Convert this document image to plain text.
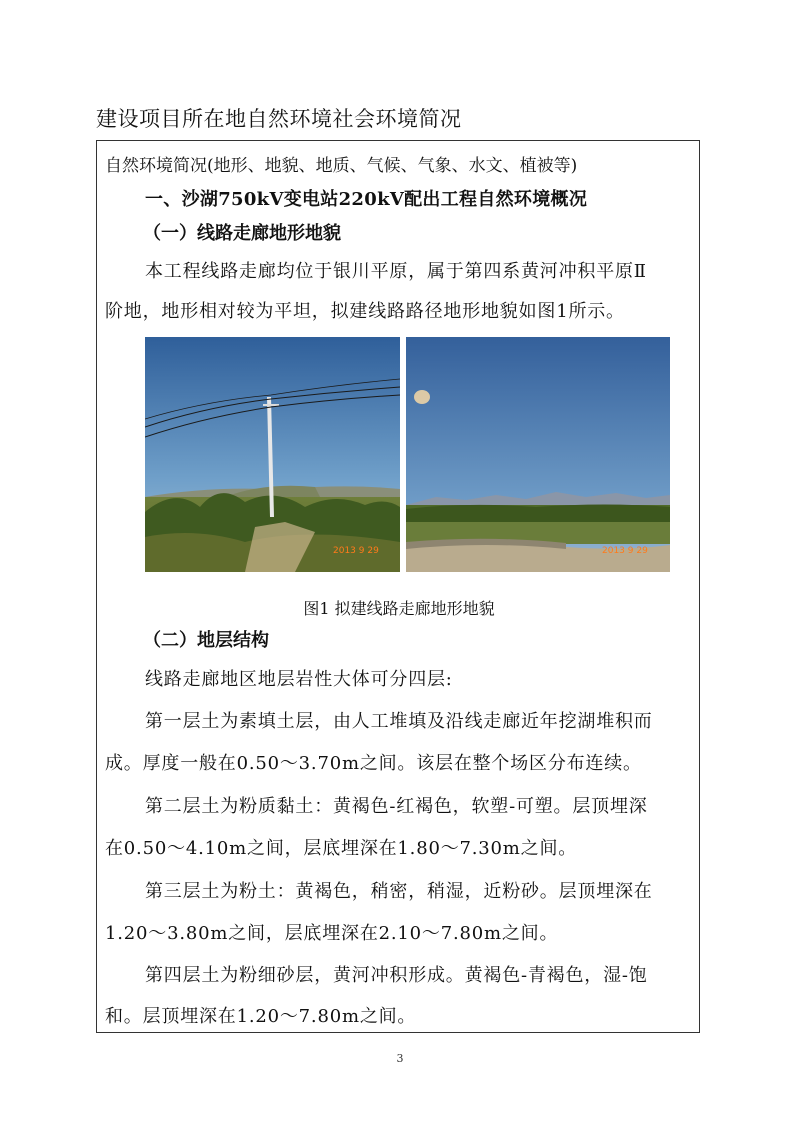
建设项目所在地自然环境社会环境简况
自然环境简况(地形、地貌、地质、气候、气象、水文、植被等)
一、沙湖750kV变电站220kV配出工程自然环境概况
（一）线路走廊地形地貌
本工程线路走廊均位于银川平原，属于第四系黄河冲积平原Ⅱ
阶地，地形相对较为平坦，拟建线路路径地形地貌如图1所示。
2013 9 29	2013 9 29
图1 拟建线路走廊地形地貌
（二）地层结构
线路走廊地区地层岩性大体可分四层:
第一层土为素填土层，由人工堆填及沿线走廊近年挖湖堆积而
成。厚度一般在0.50～3.70m之间。该层在整个场区分布连续。
第二层土为粉质黏土：黄褐色-红褐色，软塑-可塑。层顶埋深
在0.50～4.10m之间，层底埋深在1.80～7.30m之间。
第三层土为粉土：黄褐色，稍密，稍湿，近粉砂。层顶埋深在
1.20～3.80m之间，层底埋深在2.10～7.80m之间。
第四层土为粉细砂层，黄河冲积形成。黄褐色-青褐色，湿-饱
和。层顶埋深在1.20～7.80m之间。
3
